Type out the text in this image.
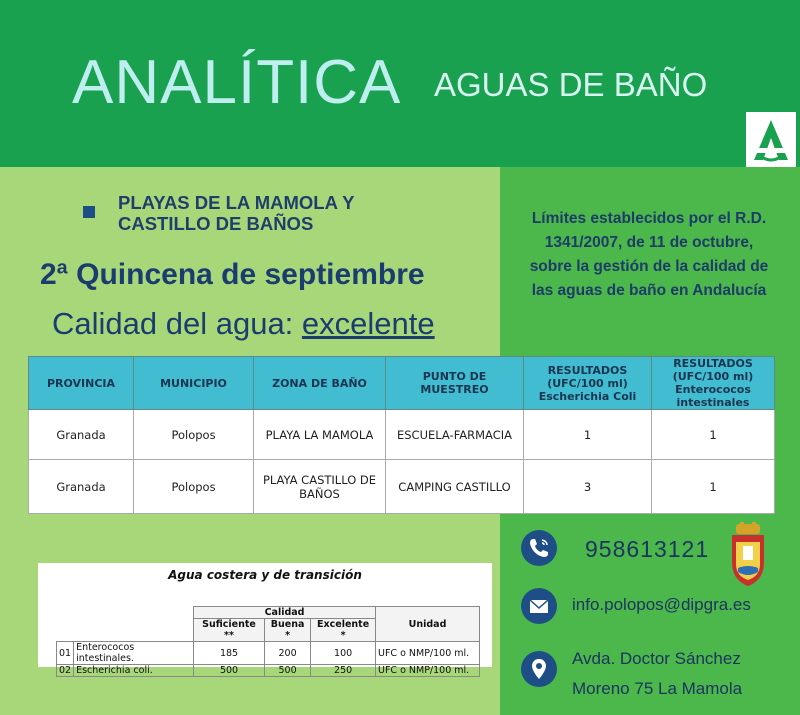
ANALÍTICA AGUAS DE BAÑO
PLAYAS DE LA MAMOLA Y
CASTILLO DE BAÑOS
2ª Quincena de septiembre
Calidad del agua: excelente
Límites establecidos por el R.D. 1341/2007, de 11 de octubre, sobre la gestión de la calidad de las aguas de baño en Andalucía
PROVINCIA	MUNICIPIO	ZONA DE BAÑO	PUNTO DE MUESTREO	RESULTADOS (UFC/100 ml) Escherichia Coli	RESULTADOS (UFC/100 ml) Enterococos intestinales
Granada	Polopos	PLAYA LA MAMOLA	ESCUELA-FARMACIA	1	1
Granada	Polopos	PLAYA CASTILLO DE BAÑOS	CAMPING CASTILLO	3	1
Agua costera y de transición
		Calidad			Unidad
		Suficiente **	Buena *	Excelente *	
01	Enterococos intestinales.	185	200	100	UFC o NMP/100 ml.
02	Escherichia coli.	500	500	250	UFC o NMP/100 ml.
958613121
info.polopos@dipgra.es
Avda. Doctor Sánchez
Moreno 75 La Mamola
